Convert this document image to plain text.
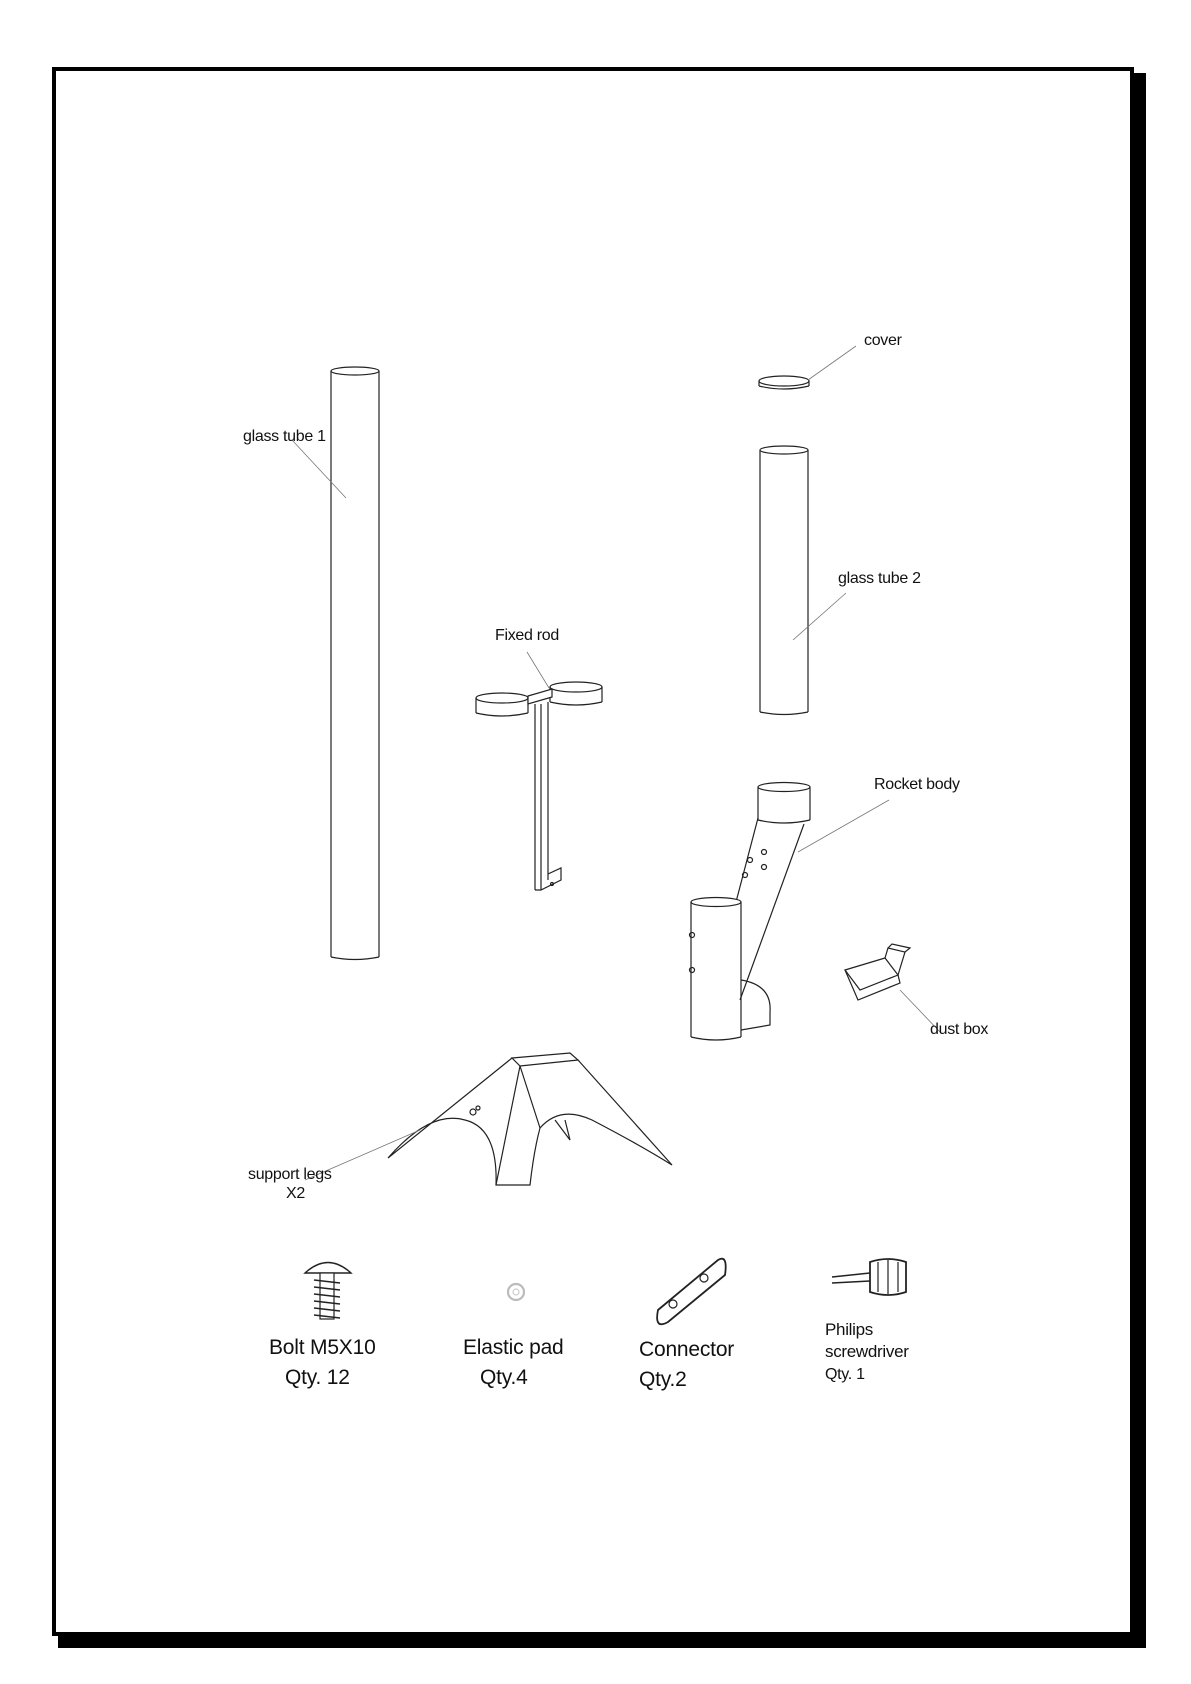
glass tube 1
cover
glass tube 2
Fixed rod
Rocket body
dust box
support legs
X2
Bolt M5X10
Qty. 12
Elastic pad
Qty.4
Connector
Qty.2
Philips
screwdriver
Qty. 1
